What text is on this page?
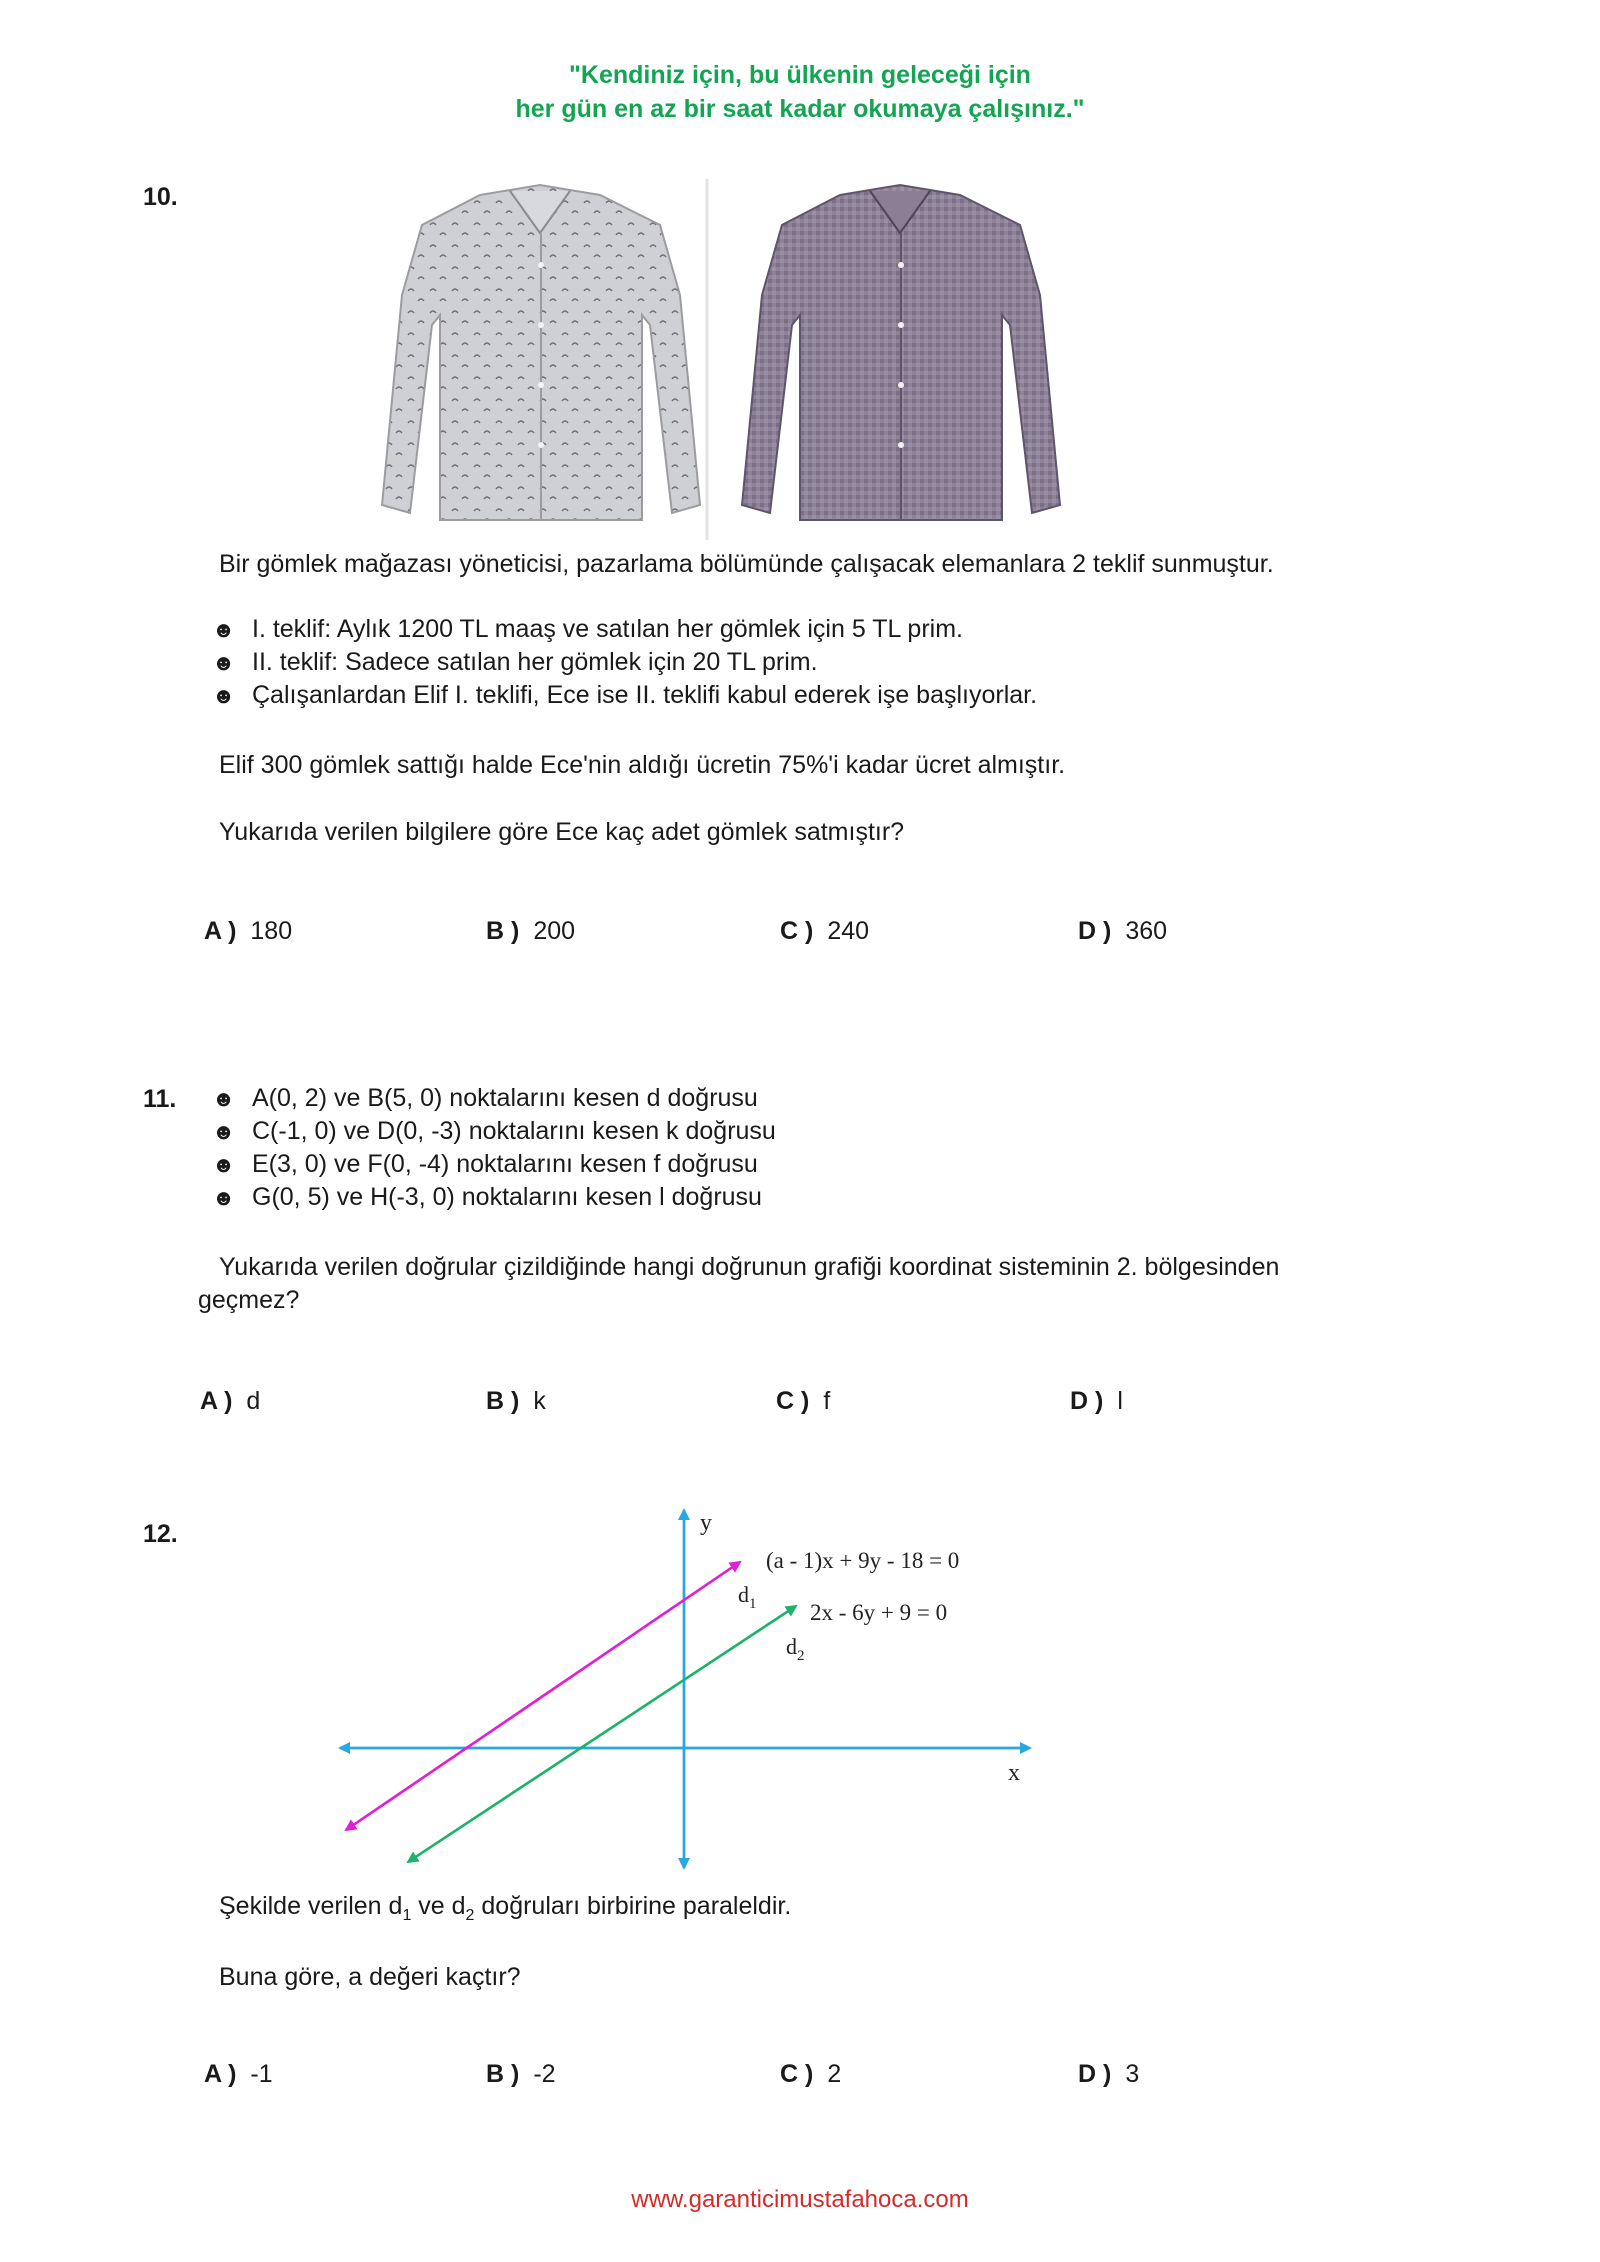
"Kendiniz için, bu ülkenin geleceği için
her gün en az bir saat kadar okumaya çalışınız."
10.
Bir gömlek mağazası yöneticisi, pazarlama bölümünde çalışacak elemanlara 2 teklif sunmuştur.
☻ I. teklif: Aylık 1200 TL maaş ve satılan her gömlek için 5 TL prim.
☻ II. teklif: Sadece satılan her gömlek için 20 TL prim.
☻ Çalışanlardan Elif I. teklifi, Ece ise II. teklifi kabul ederek işe başlıyorlar.
Elif 300 gömlek sattığı halde Ece'nin aldığı ücretin 75%'i kadar ücret almıştır.
Yukarıda verilen bilgilere göre Ece kaç adet gömlek satmıştır?
A ) 180	B ) 200	C ) 240	D ) 360
11. ☻ A(0, 2) ve B(5, 0) noktalarını kesen d doğrusu
☻ C(-1, 0) ve D(0, -3) noktalarını kesen k doğrusu
☻ E(3, 0) ve F(0, -4) noktalarını kesen f doğrusu
☻ G(0, 5) ve H(-3, 0) noktalarını kesen l doğrusu
Yukarıda verilen doğrular çizildiğinde hangi doğrunun grafiği koordinat sisteminin 2. bölgesinden
geçmez?
A ) d	B ) k	C ) f	D ) l
12.	y
x
(a - 1)x + 9y - 18 = 0
2x - 6y + 9 = 0
$d_1$
$d_2$
Şekilde verilen $d_1$ ve $d_2$ doğruları birbirine paraleldir.
Buna göre, a değeri kaçtır?
A ) -1	B ) -2	C ) 2	D ) 3
www.garanticimustafahoca.com
